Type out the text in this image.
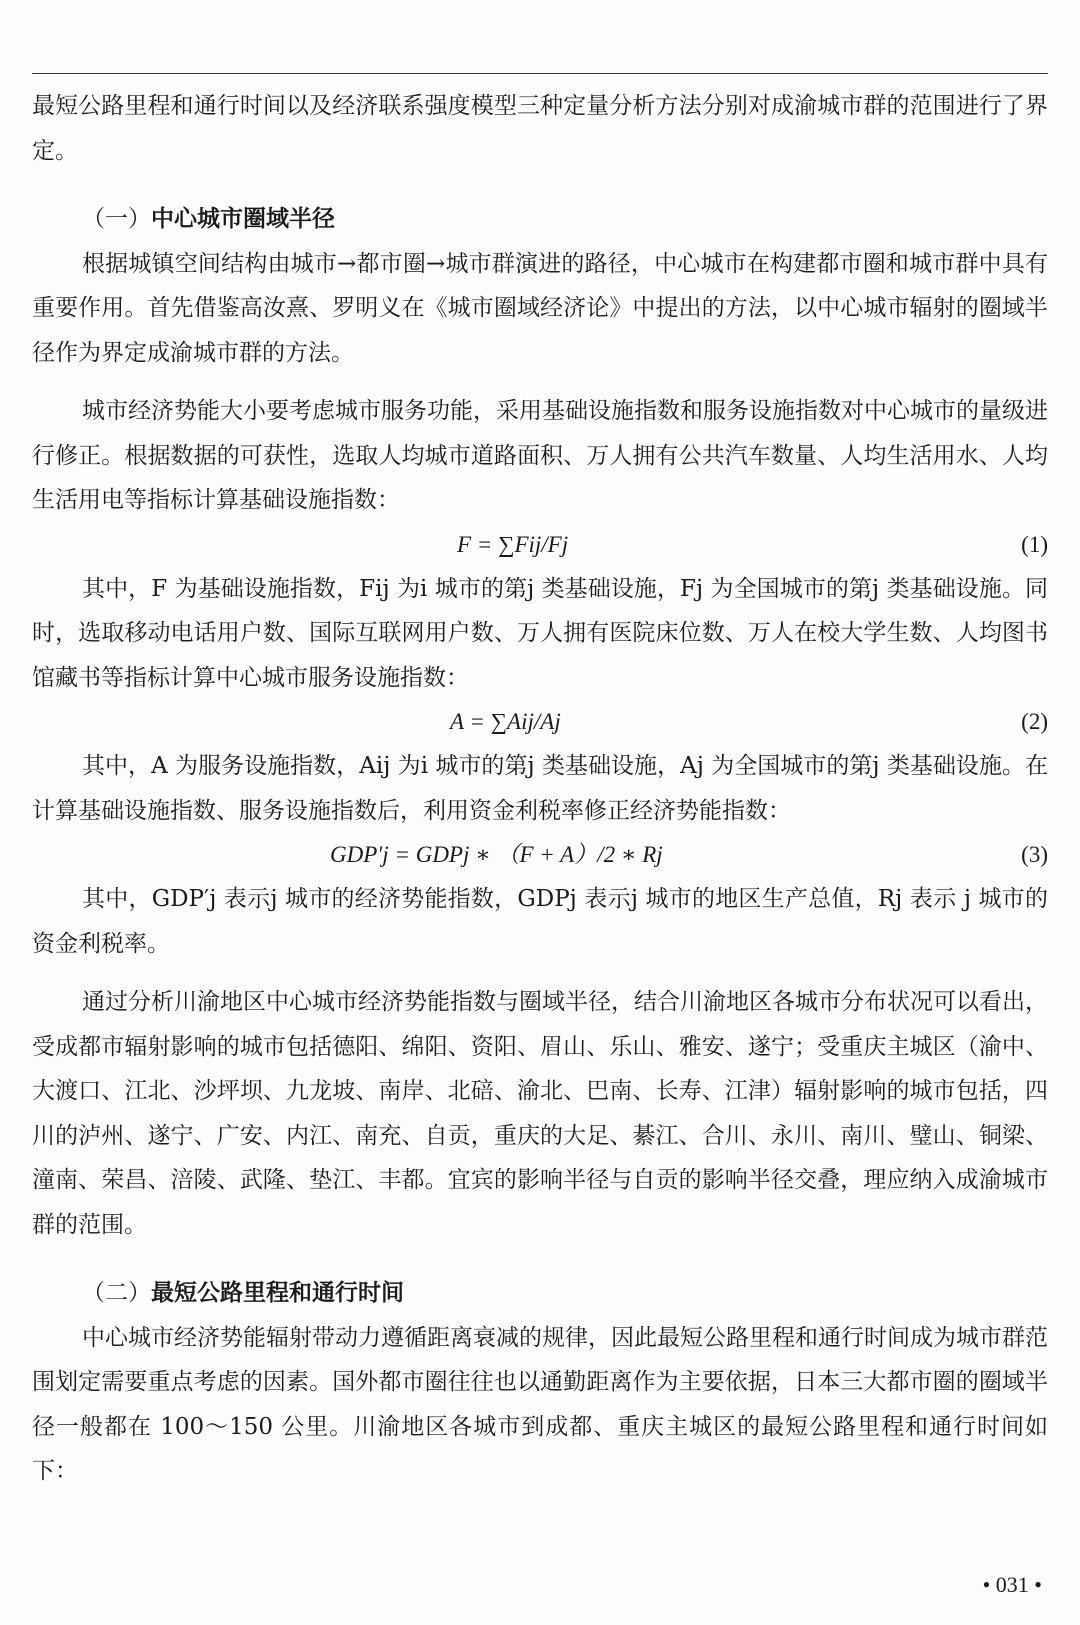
最短公路里程和通行时间以及经济联系强度模型三种定量分析方法分别对成渝城市群的范围进行了界定。

（一）中心城市圈域半径

根据城镇空间结构由城市→都市圈→城市群演进的路径，中心城市在构建都市圈和城市群中具有重要作用。首先借鉴高汝熹、罗明义在《城市圈域经济论》中提出的方法，以中心城市辐射的圈域半径作为界定成渝城市群的方法。

城市经济势能大小要考虑城市服务功能，采用基础设施指数和服务设施指数对中心城市的量级进行修正。根据数据的可获性，选取人均城市道路面积、万人拥有公共汽车数量、人均生活用水、人均生活用电等指标计算基础设施指数：

F = ∑Fij/Fj	(1)

其中，F 为基础设施指数，Fij 为i 城市的第j 类基础设施，Fj 为全国城市的第j 类基础设施。同时，选取移动电话用户数、国际互联网用户数、万人拥有医院床位数、万人在校大学生数、人均图书馆藏书等指标计算中心城市服务设施指数：

A = ∑Aij/Aj	(2)

其中，A 为服务设施指数，Aij 为i 城市的第j 类基础设施，Aj 为全国城市的第j 类基础设施。在计算基础设施指数、服务设施指数后，利用资金利税率修正经济势能指数：

GDP′j = GDPj ∗ （F + A）/2 ∗ Rj	(3)

其中，GDP′j 表示j 城市的经济势能指数，GDPj 表示j 城市的地区生产总值，Rj 表示 j 城市的资金利税率。

通过分析川渝地区中心城市经济势能指数与圈域半径，结合川渝地区各城市分布状况可以看出，受成都市辐射影响的城市包括德阳、绵阳、资阳、眉山、乐山、雅安、遂宁；受重庆主城区（渝中、大渡口、江北、沙坪坝、九龙坡、南岸、北碚、渝北、巴南、长寿、江津）辐射影响的城市包括，四川的泸州、遂宁、广安、内江、南充、自贡，重庆的大足、綦江、合川、永川、南川、璧山、铜梁、潼南、荣昌、涪陵、武隆、垫江、丰都。宜宾的影响半径与自贡的影响半径交叠，理应纳入成渝城市群的范围。

（二）最短公路里程和通行时间

中心城市经济势能辐射带动力遵循距离衰减的规律，因此最短公路里程和通行时间成为城市群范围划定需要重点考虑的因素。国外都市圈往往也以通勤距离作为主要依据，日本三大都市圈的圈域半径一般都在 100～150 公里。川渝地区各城市到成都、重庆主城区的最短公路里程和通行时间如下：

• 031 •
